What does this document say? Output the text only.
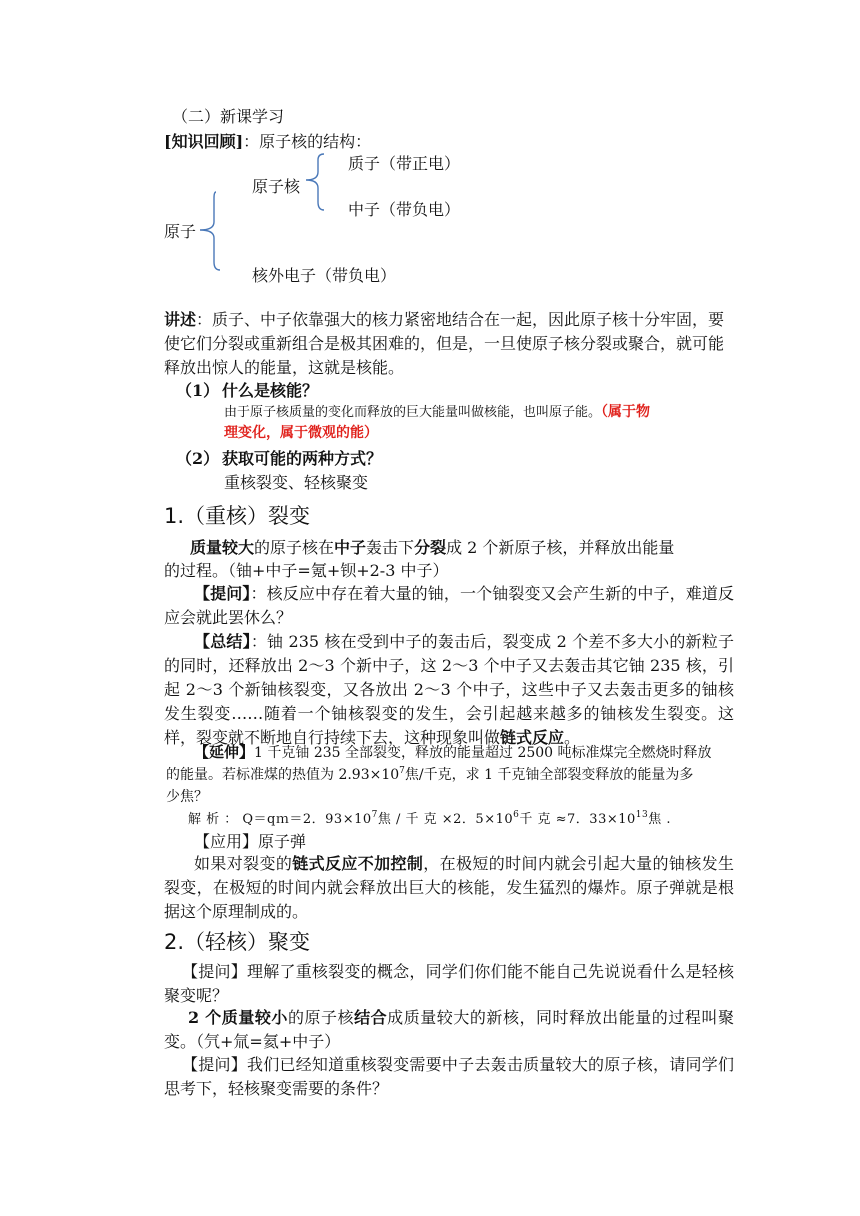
（二）新课学习
[知识回顾]：原子核的结构：
原子
原子核
质子（带正电）
中子（带负电）
核外电子（带负电）
讲述：质子、中子依靠强大的核力紧密地结合在一起，因此原子核十分牢固，要使它们分裂或重新组合是极其困难的，但是，一旦使原子核分裂或聚合，就可能释放出惊人的能量，这就是核能。
（1） 什么是核能？
由于原子核质量的变化而释放的巨大能量叫做核能，也叫原子能。（属于物
理变化，属于微观的能）
（2） 获取可能的两种方式？
重核裂变、轻核聚变
1.（重核）裂变
质量较大的原子核在中子轰击下分裂成 2 个新原子核，并释放出能量
的过程。（铀+中子=氪+钡+2-3 中子）
【提问】：核反应中存在着大量的铀，一个铀裂变又会产生新的中子，难道反应会就此罢休么？
【总结】：铀 235 核在受到中子的轰击后，裂变成 2 个差不多大小的新粒子的同时，还释放出 2～3 个新中子，这 2～3 个中子又去轰击其它铀 235 核，引起 2～3 个新铀核裂变，又各放出 2～3 个中子，这些中子又去轰击更多的铀核发生裂变……随着一个铀核裂变的发生，会引起越来越多的铀核发生裂变。这样，裂变就不断地自行持续下去，这种现象叫做链式反应。
【延伸】1 千克铀 235 全部裂变，释放的能量超过 2500 吨标准煤完全燃烧时释放
的能量。若标准煤的热值为 $2.93\times 10^7$焦/千克，求 1 千克铀全部裂变释放的能量为多
少焦？
解 析 ： Q＝qｍ＝2．$93\times 10^7$焦 / 千 克 ×2．$5\times 10^6$千 克 ≈7．$33\times 10^{13}$焦 .
【应用】原子弹
如果对裂变的链式反应不加控制，在极短的时间内就会引起大量的铀核发生裂变，在极短的时间内就会释放出巨大的核能，发生猛烈的爆炸。原子弹就是根据这个原理制成的。
2.（轻核）聚变
【提问】理解了重核裂变的概念，同学们你们能不能自己先说说看什么是轻核聚变呢？
2 个质量较小的原子核结合成质量较大的新核，同时释放出能量的过程叫聚变。（氕+氚=氦+中子）
【提问】我们已经知道重核裂变需要中子去轰击质量较大的原子核，请同学们思考下，轻核聚变需要的条件？
